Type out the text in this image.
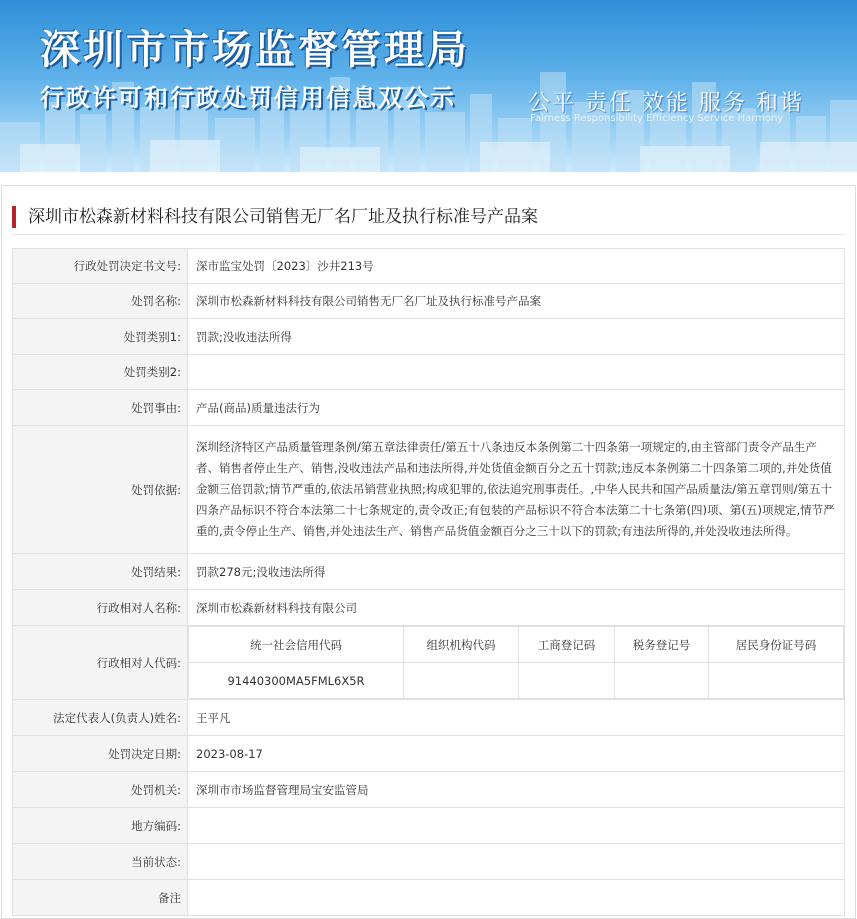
深圳市市场监督管理局
行政许可和行政处罚信用信息双公示	公平 责任 效能 服务 和谐
Fairness Responsibility Efficiency Service Harmony
深圳市松森新材料科技有限公司销售无厂名厂址及执行标准号产品案
行政处罚决定书文号:	深市监宝处罚〔2023〕沙井213号
处罚名称:	深圳市松森新材料科技有限公司销售无厂名厂址及执行标准号产品案
处罚类别1:	罚款;没收违法所得
处罚类别2:	
处罚事由:	产品(商品)质量违法行为
处罚依据:	深圳经济特区产品质量管理条例/第五章法律责任/第五十八条违反本条例第二十四条第一项规定的,由主管部门责令产品生产者、销售者停止生产、销售,没收违法产品和违法所得,并处货值金额百分之五十罚款;违反本条例第二十四条第二项的,并处货值金额三倍罚款;情节严重的,依法吊销营业执照;构成犯罪的,依法追究刑事责任。,中华人民共和国产品质量法/第五章罚则/第五十四条产品标识不符合本法第二十七条规定的,责令改正;有包装的产品标识不符合本法第二十七条第(四)项、第(五)项规定,情节严重的,责令停止生产、销售,并处违法生产、销售产品货值金额百分之三十以下的罚款;有违法所得的,并处没收违法所得。
处罚结果:	罚款278元;没收违法所得
行政相对人名称:	深圳市松森新材料科技有限公司
行政相对人代码:	
统一社会信用代码	组织机构代码	工商登记码	税务登记号	居民身份证号码
91440300MA5FML6X5R				

法定代表人(负责人)姓名:	王平凡
处罚决定日期:	2023-08-17
处罚机关:	深圳市市场监督管理局宝安监管局
地方编码:	
当前状态:	
备注	
